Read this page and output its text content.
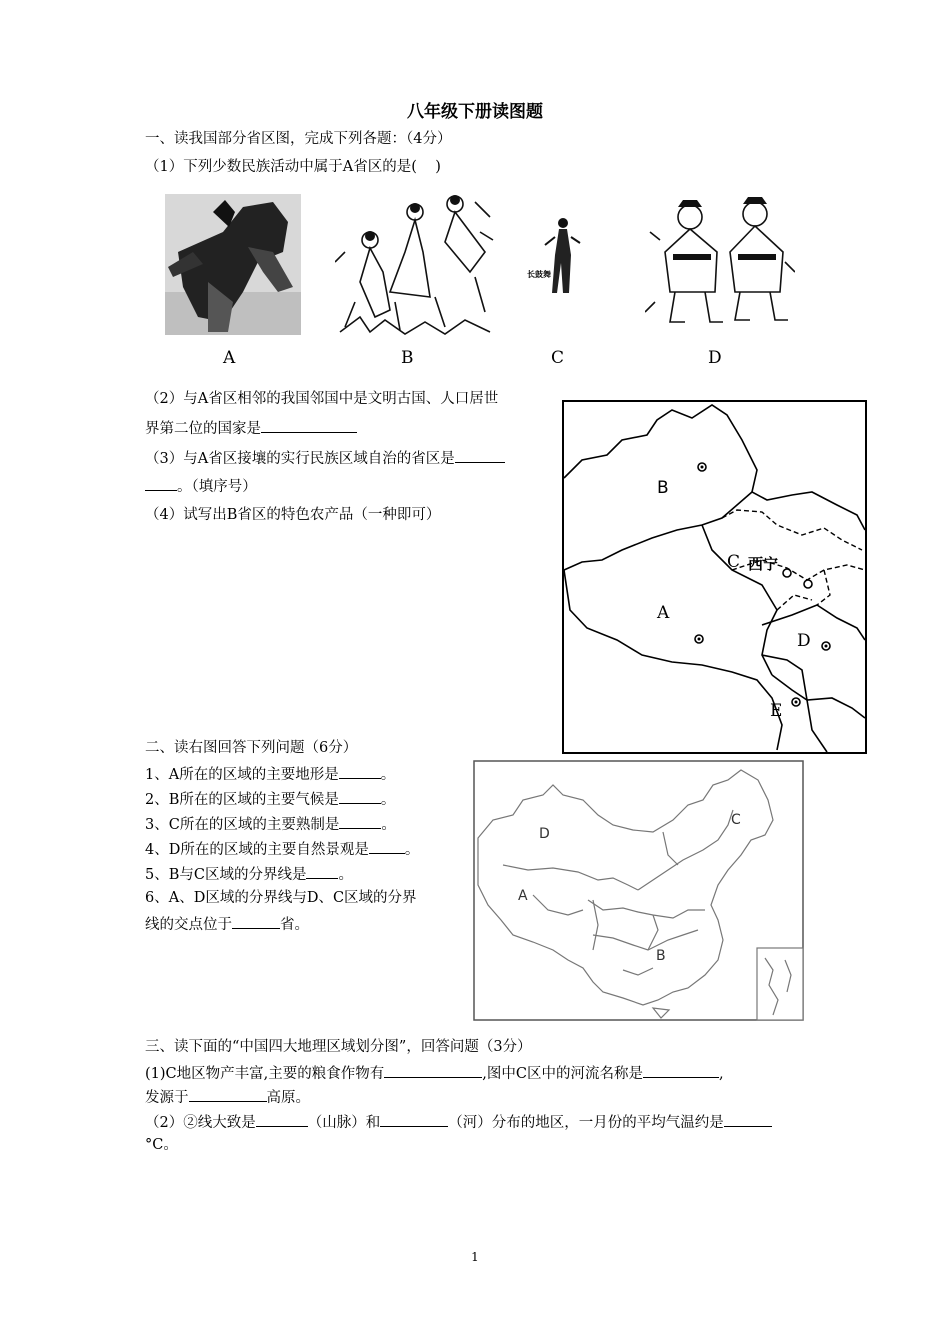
八年级下册读图题
一、读我国部分省区图，完成下列各题：（4分）
（1）下列少数民族活动中属于A省区的是(    )
长鼓舞
A	B	C	D
（2）与A省区相邻的我国邻国中是文明古国、人口居世
界第二位的国家是
（3）与A省区接壤的实行民族区域自治的省区是
。（填序号）
（4）试写出B省区的特色农产品（一种即可）
B
C 西宁
A
D
E
二、读右图回答下列问题（6分）
1、A所在的区域的主要地形是	。
2、B所在的区域的主要气候是	。
3、C所在的区域的主要熟制是	。
4、D所在的区域的主要自然景观是 。
5、B与C区域的分界线是 。
6、A、D区域的分界线与D、C区域的分界
线的交点位于	省。
D
C
A
B
三、读下面的“中国四大地理区域划分图”，回答问题（3分）
(1)C地区物产丰富,主要的粮食作物有	,图中C区中的河流名称是	,
发源于	高原。
（2）②线大致是	（山脉）和	（河）分布的地区，一月份的平均气温约是
°C。
1
